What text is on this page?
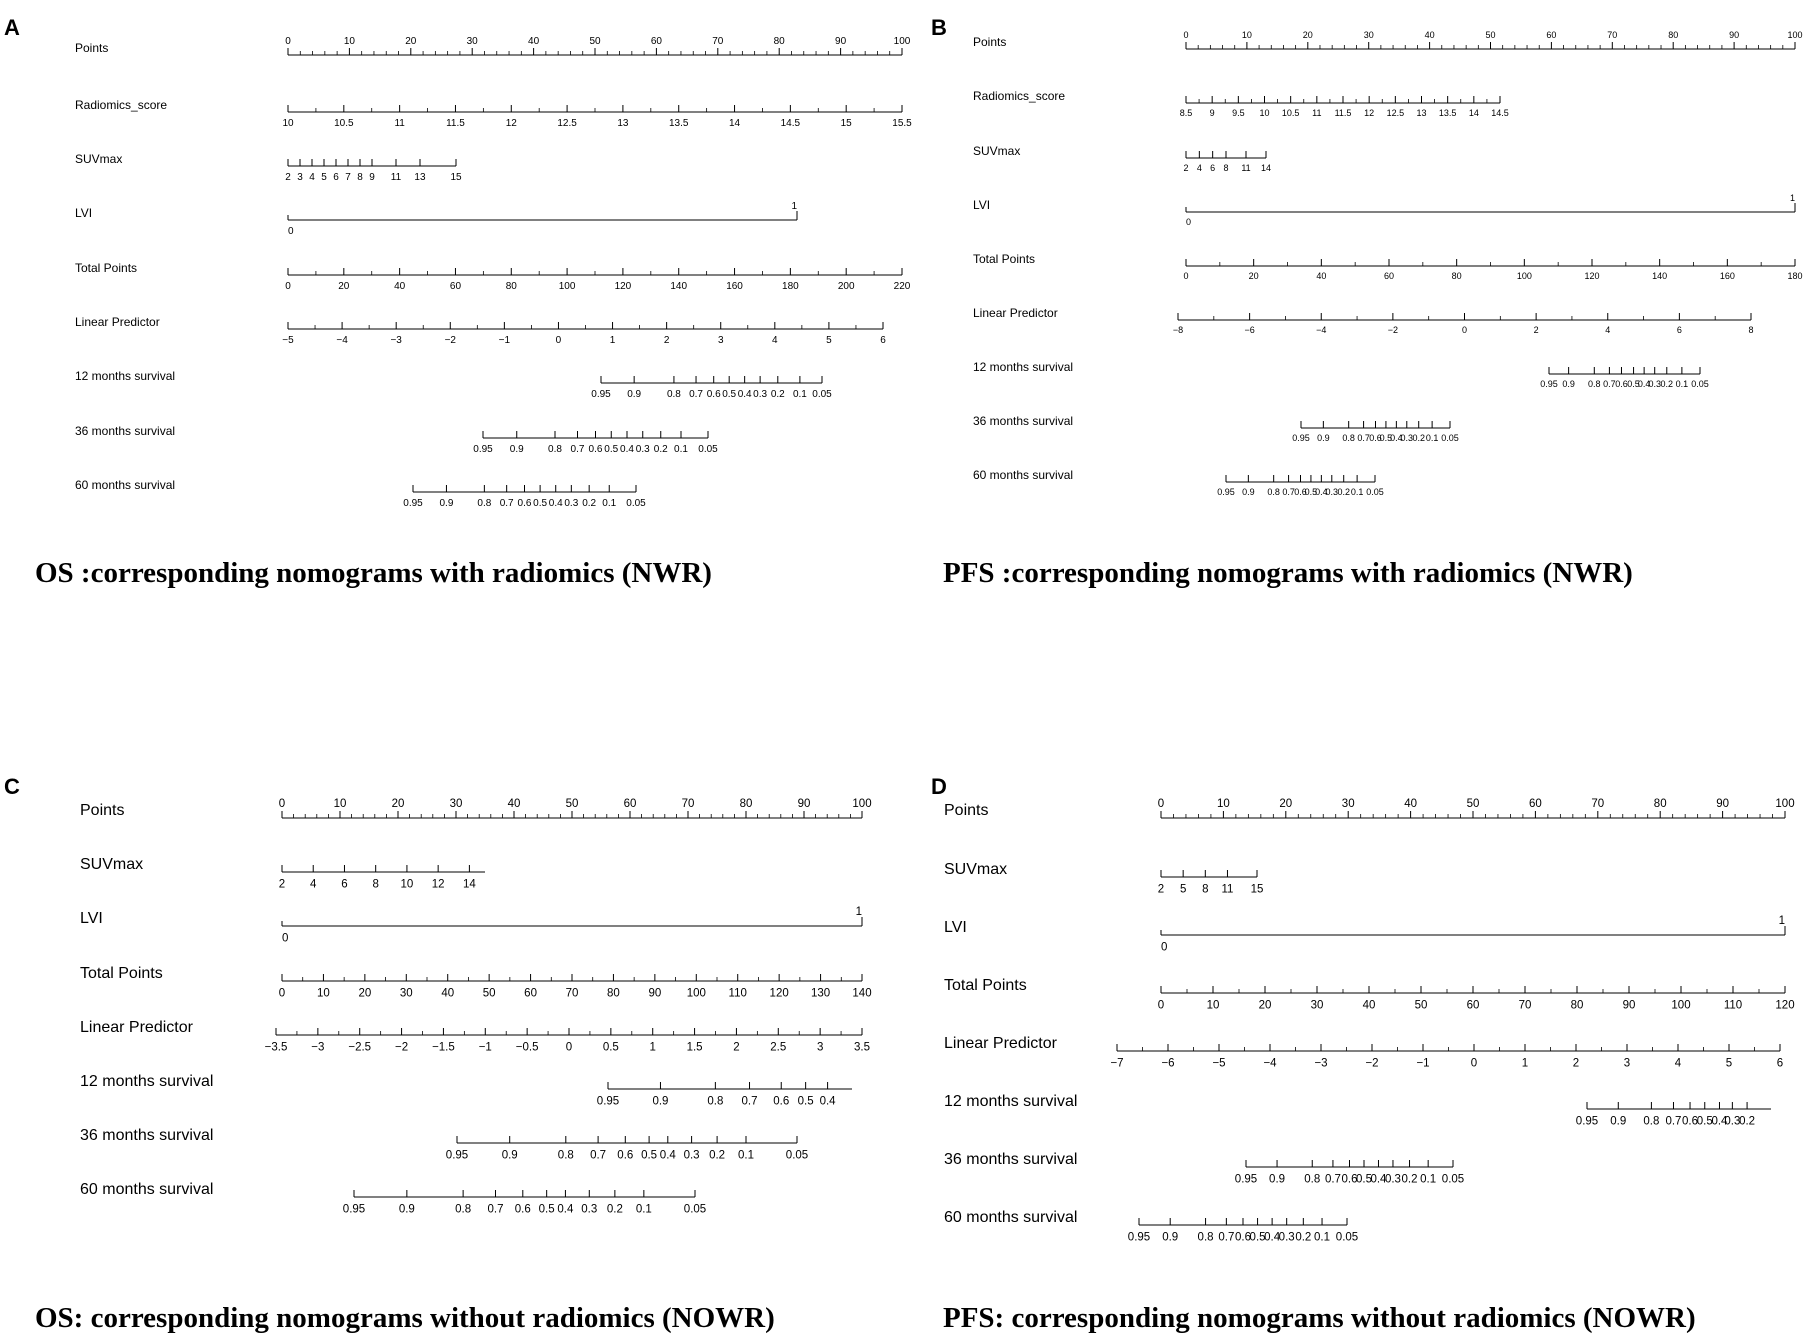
A
OS :corresponding nomograms with radiomics (NWR)
Points	0	10	20	30	40	50	60	70	80	90	100
Radiomics_score
10	10.5	11	11.5	12	12.5	13	13.5	14	14.5	15	15.5
SUVmax
2 3 4 5 6 7 8 9 11 13 15
LVI
0
1
Total Points
0	20	40	60	80	100	120	140	160	180	200	220
Linear Predictor
−5	−4	−3	−2	−1	0	1	2	3	4	5	6
12 months survival
0.95 0.9	0.8 0.7 0.6 0.5 0.4 0.3 0.2 0.1 0.05
36 months survival
0.95 0.9 0.8 0.7 0.6 0.5 0.4 0.3 0.2 0.1 0.05
60 months survival
0.95 0.9 0.8 0.7 0.6 0.5 0.4 0.3 0.2 0.1 0.05
B
PFS :corresponding nomograms with radiomics (NWR)
Points	0	10	20	30	40	50	60	70	80	90	100
Radiomics_score
8.5 9 9.5 10 10.5 11 11.5 12 12.5 13 13.5 14 14.5
SUVmax
2 4 6 8 11 14
LVI
0
1
Total Points
0	20	40	60	80	100	120	140	160	180
Linear Predictor
−8	−6	−4	−2	0	2	4	6	8
12 months survival
0.95 0.9 0.8 0.7 0.6 0.5
0.4
0.3 0.2 0.1 0.05
36 months survival
0.95 0.9 0.8 0.7 0.6
0.5
0.4
0.3 0.2 0.1 0.05
60 months survival
0.95 0.9 0.8 0.7 0.6
0.5
0.4
0.3 0.2 0.1 0.05
C
OS: corresponding nomograms without radiomics (NOWR)
Points	0	10	20	30	40	50	60	70	80	90	100
SUVmax
2 4 6 8 10 12 14
LVI
0
1
Total Points
0	10 20 30 40 50 60 70 80 90 100 110 120 130 140
Linear Predictor
−3.5 −3 −2.5 −2 −1.5 −1 −0.5 0	0.5	1	1.5	2	2.5	3	3.5
12 months survival
0.95	0.9	0.8 0.7 0.6 0.5 0.4
36 months survival
0.95	0.9	0.8 0.7 0.6 0.5 0.4 0.3 0.2 0.1	0.05
60 months survival
0.95	0.9	0.8 0.7 0.6 0.5 0.4 0.3 0.2 0.1	0.05
D
PFS: corresponding nomograms without radiomics (NOWR)
Points	0	10	20	30	40	50	60	70	80	90	100
SUVmax
2 5 8 11 15
LVI
0
1
Total Points
0	10	20	30	40	50	60	70	80	90	100	110	120
Linear Predictor
−7	−6	−5	−4	−3	−2	−1	0	1	2	3	4	5	6
12 months survival
0.95 0.9 0.8 0.7 0.6
0.5
0.4
0.3
0.2
36 months survival
0.95 0.9 0.8 0.7 0.6
0.5
0.4
0.3 0.2 0.1 0.05
60 months survival
0.95 0.9 0.8 0.7 0.6
0.5
0.4
0.3 0.2 0.1 0.05
